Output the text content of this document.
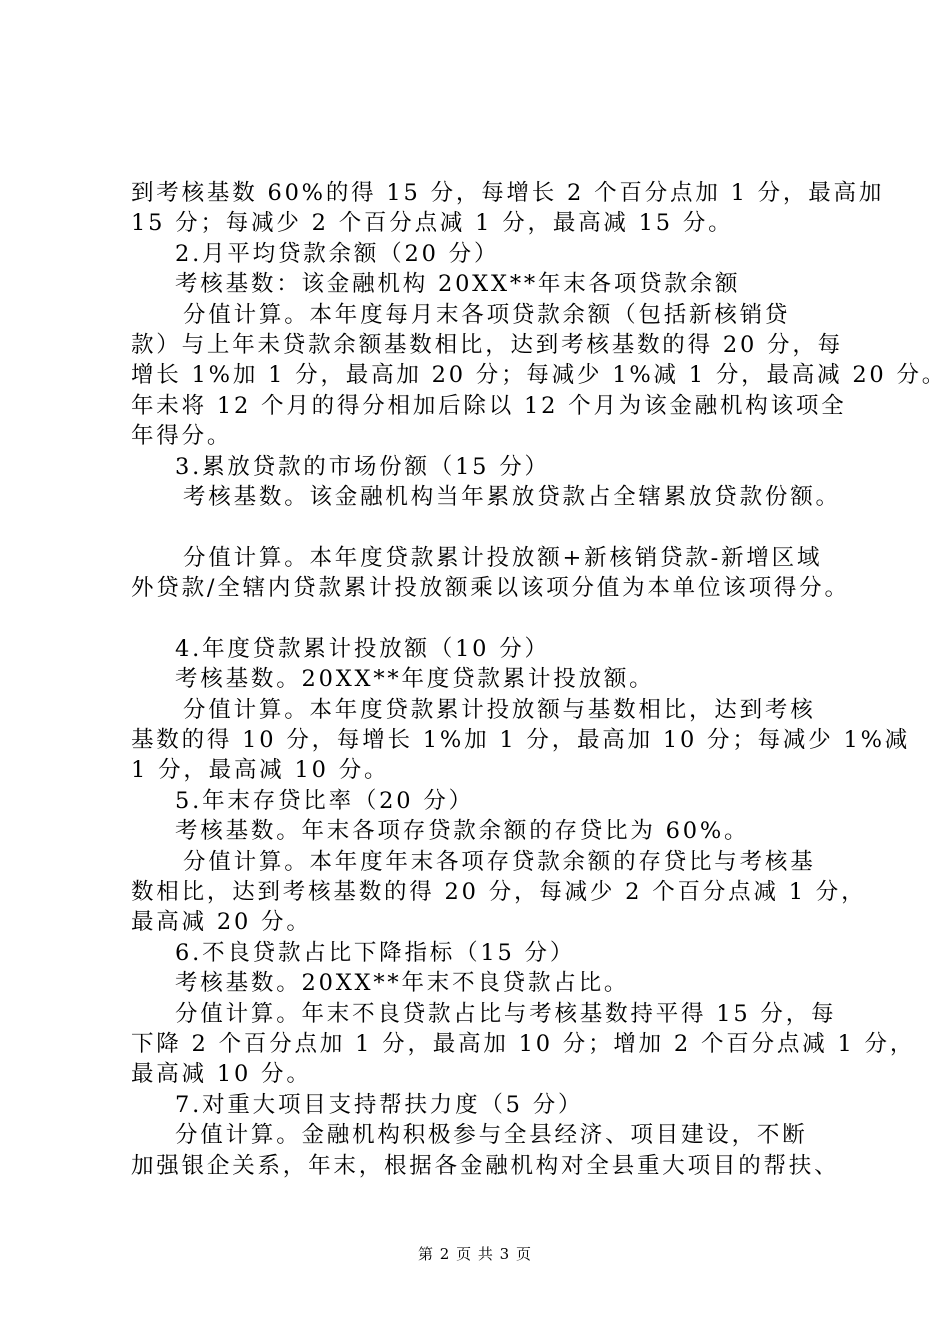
到考核基数 60%的得 15 分，每增长 2 个百分点加 1 分，最高加
15 分；每减少 2 个百分点减 1 分，最高减 15 分。
2.月平均贷款余额（20 分）
考核基数：该金融机构 20XX**年末各项贷款余额
分值计算。本年度每月末各项贷款余额（包括新核销贷
款）与上年未贷款余额基数相比，达到考核基数的得 20 分，每
增长 1%加 1 分，最高加 20 分；每减少 1%减 1 分，最高减 20 分。
年未将 12 个月的得分相加后除以 12 个月为该金融机构该项全
年得分。
3.累放贷款的市场份额（15 分）
考核基数。该金融机构当年累放贷款占全辖累放贷款份额。
分值计算。本年度贷款累计投放额+新核销贷款-新增区域
外贷款/全辖内贷款累计投放额乘以该项分值为本单位该项得分。
4.年度贷款累计投放额（10 分）
考核基数。20XX**年度贷款累计投放额。
分值计算。本年度贷款累计投放额与基数相比，达到考核
基数的得 10 分，每增长 1%加 1 分，最高加 10 分；每减少 1%减
1 分，最高减 10 分。
5.年末存贷比率（20 分）
考核基数。年末各项存贷款余额的存贷比为 60%。
分值计算。本年度年末各项存贷款余额的存贷比与考核基
数相比，达到考核基数的得 20 分，每减少 2 个百分点减 1 分，
最高减 20 分。
6.不良贷款占比下降指标（15 分）
考核基数。20XX**年末不良贷款占比。
分值计算。年末不良贷款占比与考核基数持平得 15 分，每
下降 2 个百分点加 1 分，最高加 10 分；增加 2 个百分点减 1 分，
最高减 10 分。
7.对重大项目支持帮扶力度（5 分）
分值计算。金融机构积极参与全县经济、项目建设，不断
加强银企关系，年末，根据各金融机构对全县重大项目的帮扶、
第 2 页 共 3 页
